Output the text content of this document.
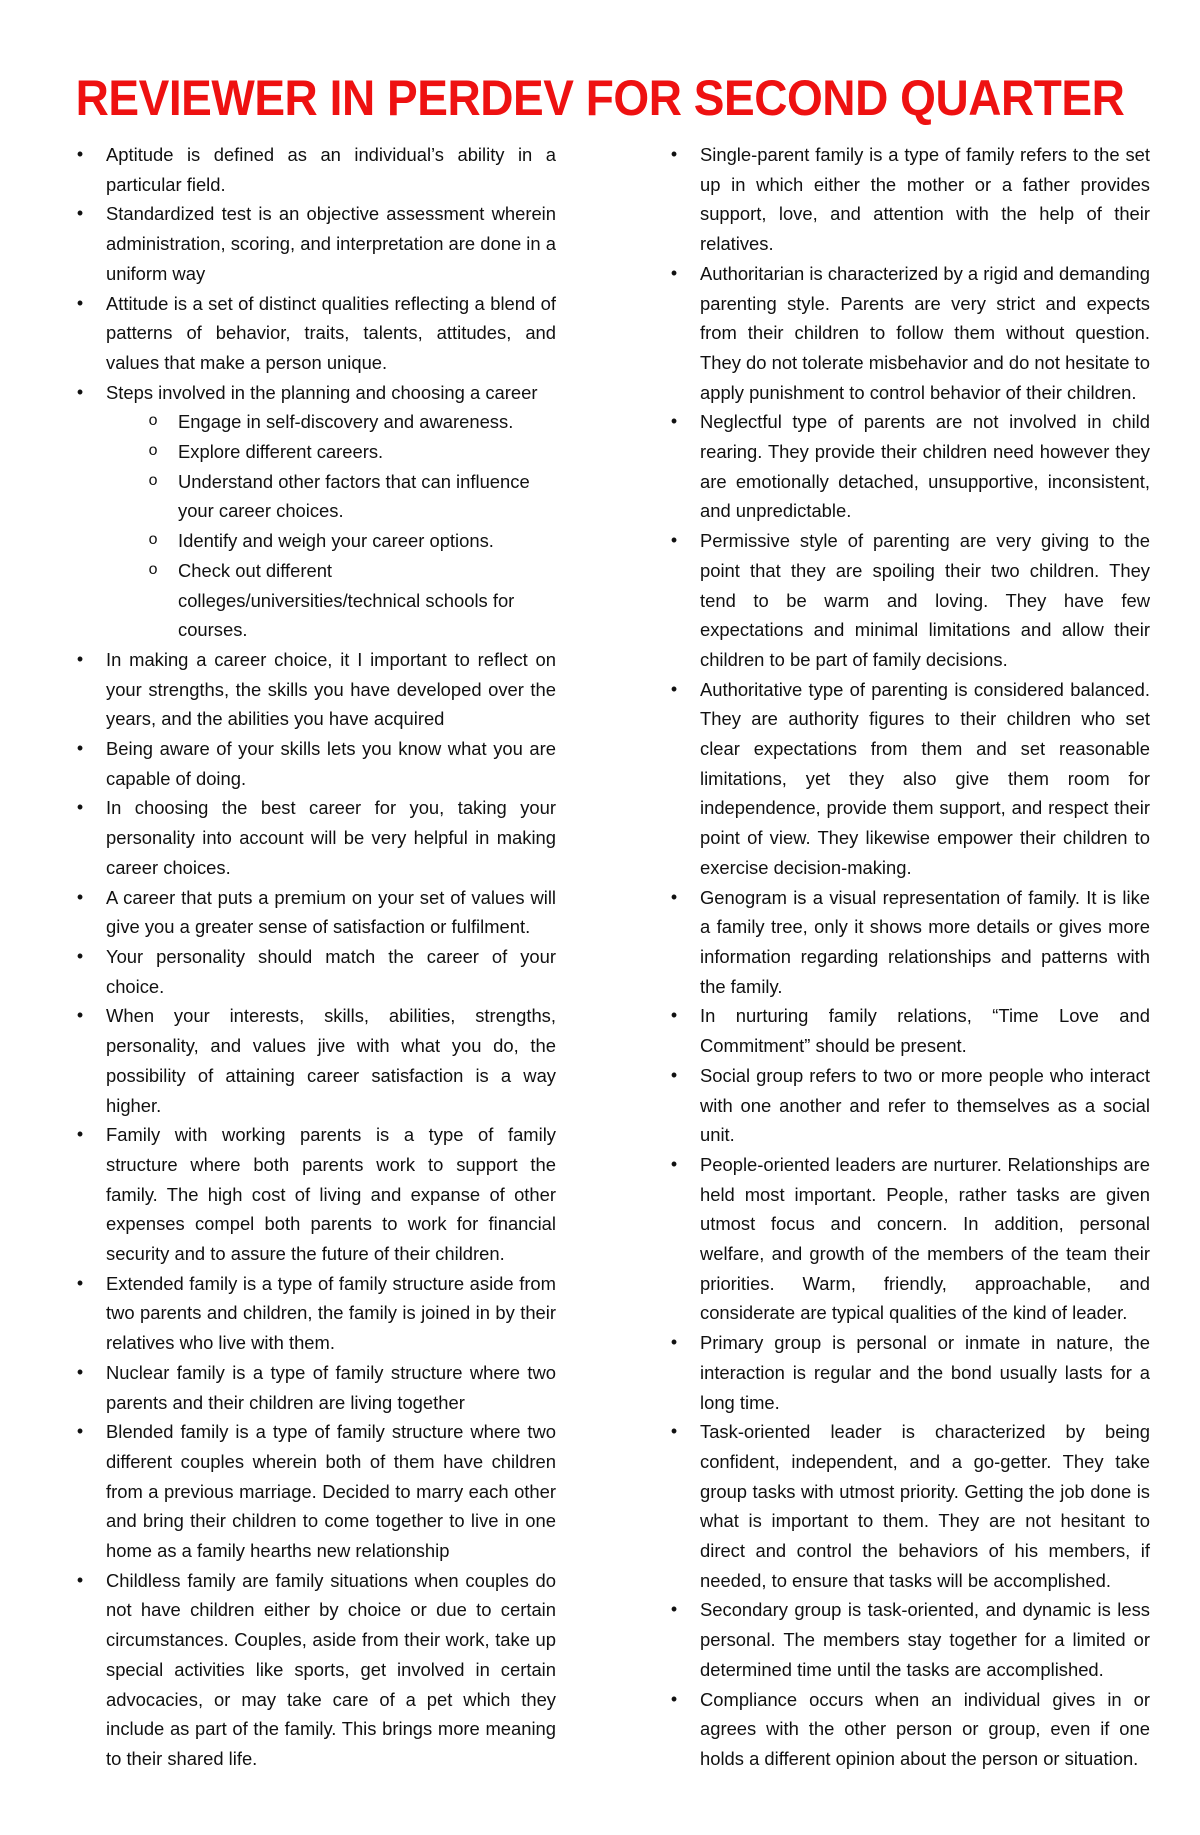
REVIEWER IN PERDEV FOR SECOND QUARTER
•	Aptitude is defined as an individual’s ability in a particular field.
•	Standardized test is an objective assessment wherein administration, scoring, and interpretation are done in a uniform way
•	Attitude is a set of distinct qualities reflecting a blend of patterns of behavior, traits, talents, attitudes, and values that make a person unique.
•	Steps involved in the planning and choosing a career
o Engage in self-discovery and awareness.
o Explore different careers.
o Understand other factors that can influence your career choices.
o Identify and weigh your career options.
o Check out different colleges/universities/technical schools for courses.
•	In making a career choice, it I important to reflect on your strengths, the skills you have developed over the years, and the abilities you have acquired
•	Being aware of your skills lets you know what you are capable of doing.
•	In choosing the best career for you, taking your personality into account will be very helpful in making career choices.
•	A career that puts a premium on your set of values will give you a greater sense of satisfaction or fulfilment.
•	Your personality should match the career of your choice.
•	When your interests, skills, abilities, strengths, personality, and values jive with what you do, the possibility of attaining career satisfaction is a way higher.
•	Family with working parents is a type of family structure where both parents work to support the family. The high cost of living and expanse of other expenses compel both parents to work for financial security and to assure the future of their children.
•	Extended family is a type of family structure aside from two parents and children, the family is joined in by their relatives who live with them.
•	Nuclear family is a type of family structure where two parents and their children are living together
•	Blended family is a type of family structure where two different couples wherein both of them have children from a previous marriage. Decided to marry each other and bring their children to come together to live in one home as a family hearths new relationship
•	Childless family are family situations when couples do not have children either by choice or due to certain circumstances. Couples, aside from their work, take up special activities like sports, get involved in certain advocacies, or may take care of a pet which they include as part of the family. This brings more meaning to their shared life.
•	Single-parent family is a type of family refers to the set up in which either the mother or a father provides support, love, and attention with the help of their relatives.
•	Authoritarian is characterized by a rigid and demanding parenting style. Parents are very strict and expects from their children to follow them without question. They do not tolerate misbehavior and do not hesitate to apply punishment to control behavior of their children.
•	Neglectful type of parents are not involved in child rearing. They provide their children need however they are emotionally detached, unsupportive, inconsistent, and unpredictable.
•	Permissive style of parenting are very giving to the point that they are spoiling their two children. They tend to be warm and loving. They have few expectations and minimal limitations and allow their children to be part of family decisions.
•	Authoritative type of parenting is considered balanced. They are authority figures to their children who set clear expectations from them and set reasonable limitations, yet they also give them room for independence, provide them support, and respect their point of view. They likewise empower their children to exercise decision-making.
•	Genogram is a visual representation of family. It is like a family tree, only it shows more details or gives more information regarding relationships and patterns with the family.
•	In nurturing family relations, “Time Love and Commitment” should be present.
•	Social group refers to two or more people who interact with one another and refer to themselves as a social unit.
•	People-oriented leaders are nurturer. Relationships are held most important. People, rather tasks are given utmost focus and concern. In addition, personal welfare, and growth of the members of the team their priorities. Warm, friendly, approachable, and considerate are typical qualities of the kind of leader.
•	Primary group is personal or inmate in nature, the interaction is regular and the bond usually lasts for a long time.
•	Task-oriented leader is characterized by being confident, independent, and a go-getter. They take group tasks with utmost priority. Getting the job done is what is important to them. They are not hesitant to direct and control the behaviors of his members, if needed, to ensure that tasks will be accomplished.
•	Secondary group is task-oriented, and dynamic is less personal. The members stay together for a limited or determined time until the tasks are accomplished.
•	Compliance occurs when an individual gives in or agrees with the other person or group, even if one holds a different opinion about the person or situation.
